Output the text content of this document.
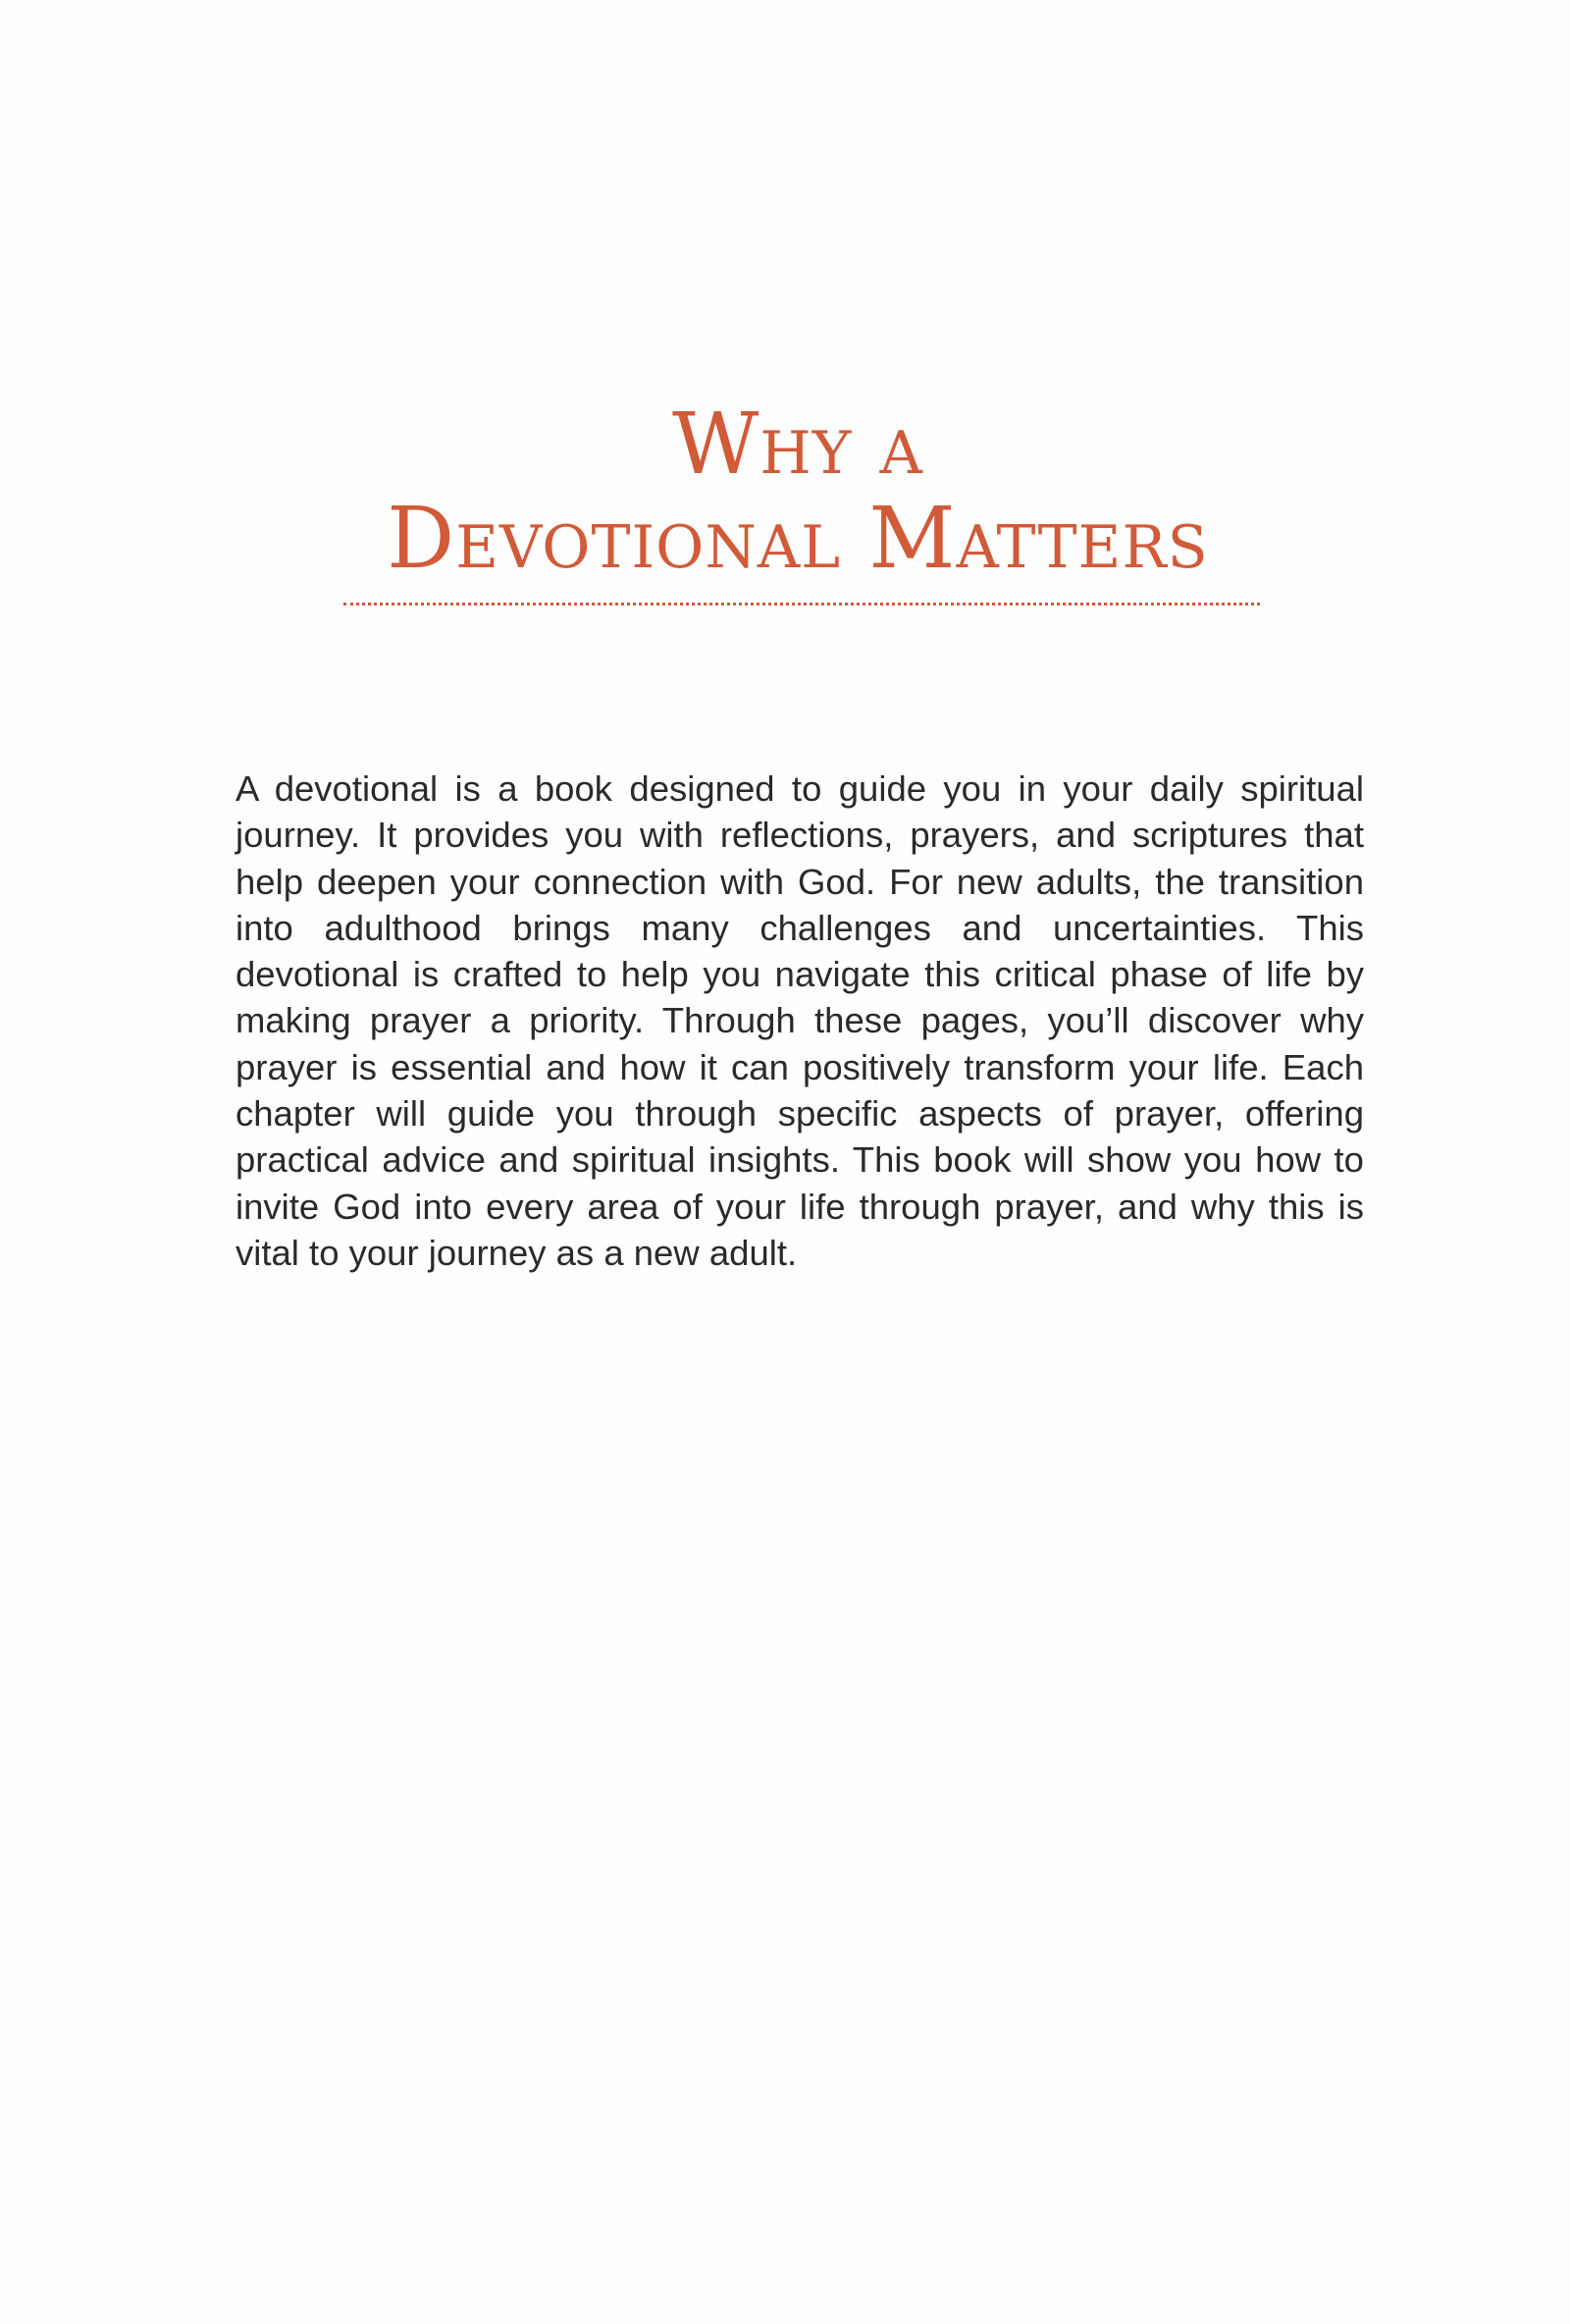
Why a
Devotional Matters

A devotional is a book designed to guide you in your daily spiritual journey. It provides you with reflections, prayers, and scriptures that help deepen your connection with God. For new adults, the transition into adulthood brings many challenges and uncertainties. This devotional is crafted to help you navigate this critical phase of life by making prayer a priority. Through these pages, you’ll discover why prayer is essential and how it can positively transform your life. Each chapter will guide you through specific aspects of prayer, offering practical advice and spiritual insights. This book will show you how to invite God into every area of your life through prayer, and why this is vital to your journey as a new adult.
